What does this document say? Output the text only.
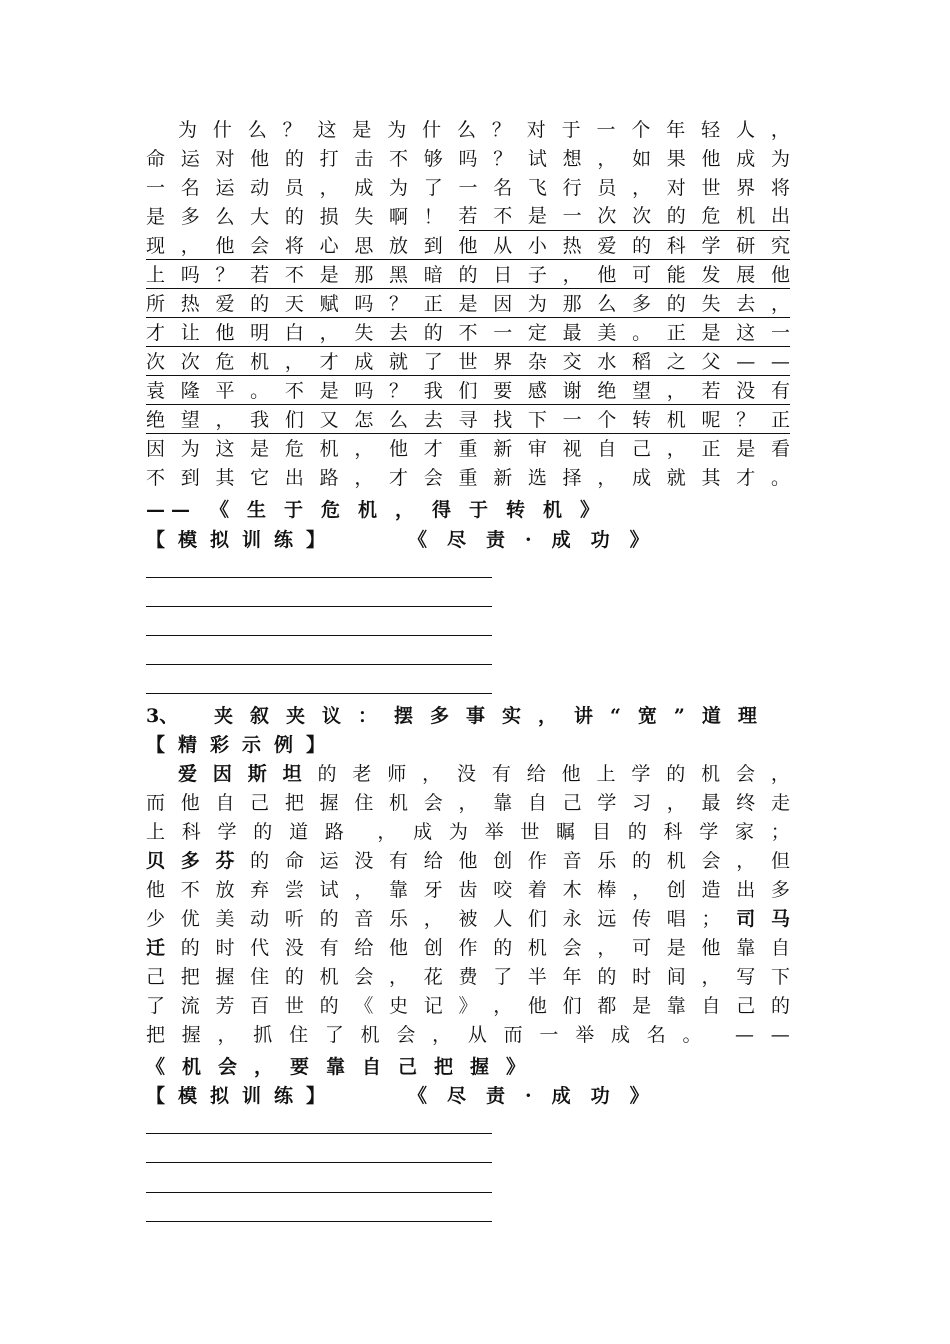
为 什 么 ？ 这 是 为 什 么 ？ 对 于 一 个 年 轻 人 ，
命 运 对 他 的 打 击 不 够 吗 ？ 试 想 ， 如 果 他 成 为
一 名 运 动 员 ， 成 为 了 一 名 飞 行 员 ， 对 世 界 将
是 多 么 大 的 损 失 啊 ！ 若 不 是 一 次 次 的 危 机 出
现 ， 他 会 将 心 思 放 到 他 从 小 热 爱 的 科 学 研 究
上 吗 ？ 若 不 是 那 黑 暗 的 日 子 ， 他 可 能 发 展 他
所 热 爱 的 天 赋 吗 ？ 正 是 因 为 那 么 多 的 失 去 ，
才 让 他 明 白 ， 失 去 的 不 一 定 最 美 。 正 是 这 一
次 次 危 机 ， 才 成 就 了 世 界 杂 交 水 稻 之 父 — —
袁 隆 平 。 不 是 吗 ？ 我 们 要 感 谢 绝 望 ， 若 没 有
绝 望 ， 我 们 又 怎 么 去 寻 找 下 一 个 转 机 呢 ？ 正
因 为 这 是 危 机 ， 他 才 重 新 审 视 自 己 ， 正 是 看
不 到 其 它 出 路 ， 才 会 重 新 选 择 ， 成 就 其 才 。
—— 《生于危机，得于转机》
【模拟训练】	《尽责·成功》
3、	夹叙夹议：摆多事实，讲“宽”道理
【精彩示例】
爱 因 斯 坦 的 老 师 ， 没 有 给 他 上 学 的 机 会 ，
而 他 自 己 把 握 住 机 会 ， 靠 自 己 学 习 ， 最 终 走
上 科 学 的 道 路 ， 成 为 举 世 瞩 目 的 科 学 家 ；
贝 多 芬 的 命 运 没 有 给 他 创 作 音 乐 的 机 会 ， 但
他 不 放 弃 尝 试 ， 靠 牙 齿 咬 着 木 棒 ， 创 造 出 多
少 优 美 动 听 的 音 乐 ， 被 人 们 永 远 传 唱 ； 司 马
迁 的 时 代 没 有 给 他 创 作 的 机 会 ， 可 是 他 靠 自
己 把 握 住 的 机 会 ， 花 费 了 半 年 的 时 间 ， 写 下
了 流 芳 百 世 的 《 史 记 》 ， 他 们 都 是 靠 自 己 的
把 握 ， 抓 住 了 机 会 ， 从 而 一 举 成 名 。 — —
《机会，要靠自己把握》
【模拟训练】	《尽责·成功》
